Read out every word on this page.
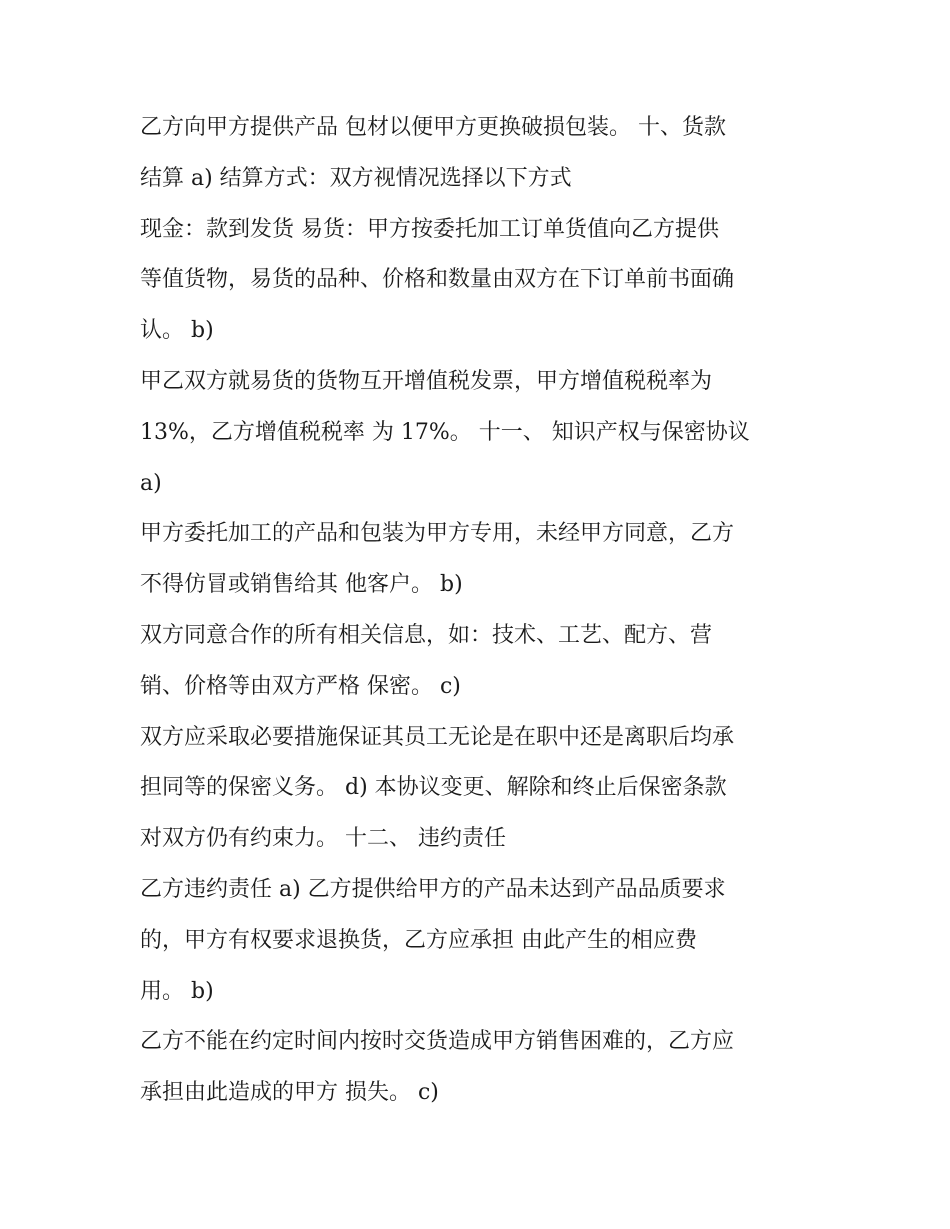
乙方向甲方提供产品 包材以便甲方更换破损包装。 十、货款
结算 a) 结算方式：双方视情况选择以下方式
现金：款到发货 易货：甲方按委托加工订单货值向乙方提供
等值货物，易货的品种、价格和数量由双方在下订单前书面确
认。 b)
甲乙双方就易货的货物互开增值税发票，甲方增值税税率为
13%，乙方增值税税率 为 17%。 十一、 知识产权与保密协议
a)
甲方委托加工的产品和包装为甲方专用，未经甲方同意，乙方
不得仿冒或销售给其 他客户。 b)
双方同意合作的所有相关信息，如：技术、工艺、配方、营
销、价格等由双方严格 保密。 c)
双方应采取必要措施保证其员工无论是在职中还是离职后均承
担同等的保密义务。 d) 本协议变更、解除和终止后保密条款
对双方仍有约束力。 十二、 违约责任
乙方违约责任 a) 乙方提供给甲方的产品未达到产品品质要求
的，甲方有权要求退换货，乙方应承担 由此产生的相应费
用。 b)
乙方不能在约定时间内按时交货造成甲方销售困难的，乙方应
承担由此造成的甲方 损失。 c)
